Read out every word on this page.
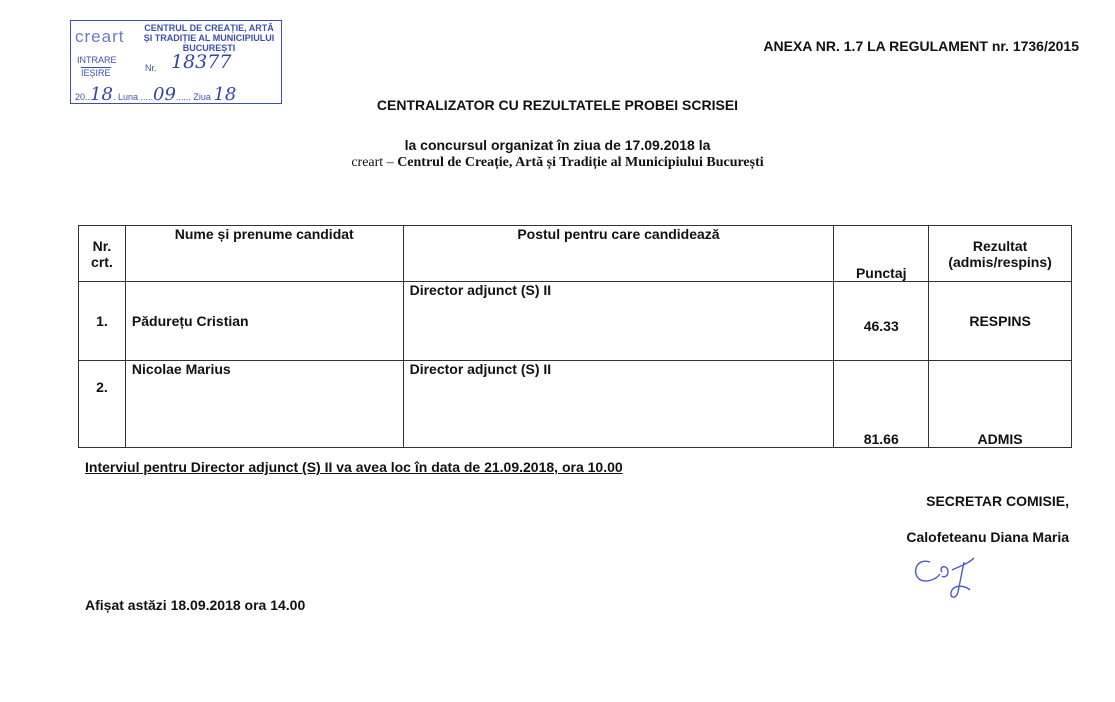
creart	CENTRUL DE CREAȚIE, ARTĂ ȘI TRADIȚIE AL MUNICIPIULUI BUCUREȘTI
INTRARE
IEȘIRE	Nr. 18377
20..18. Luna .....09...... Ziua 18
ANEXA NR. 1.7 LA REGULAMENT nr. 1736/2015
CENTRALIZATOR CU REZULTATELE PROBEI SCRISEI
la concursul organizat în ziua de 17.09.2018 la
creart – Centrul de Creație, Artă și Tradiție al Municipiului București
Nr. crt.	Nume și prenume candidat	Postul pentru care candidează	Punctaj	Rezultat
(admis/respins)
1.	Pădurețu Cristian	Director adjunct (S) II	46.33	RESPINS
2.	Nicolae Marius	Director adjunct (S) II	81.66	ADMIS
Interviul pentru Director adjunct (S) II va avea loc în data de 21.09.2018, ora 10.00
SECRETAR COMISIE,
Calofeteanu Diana Maria
Afișat astăzi 18.09.2018 ora 14.00
